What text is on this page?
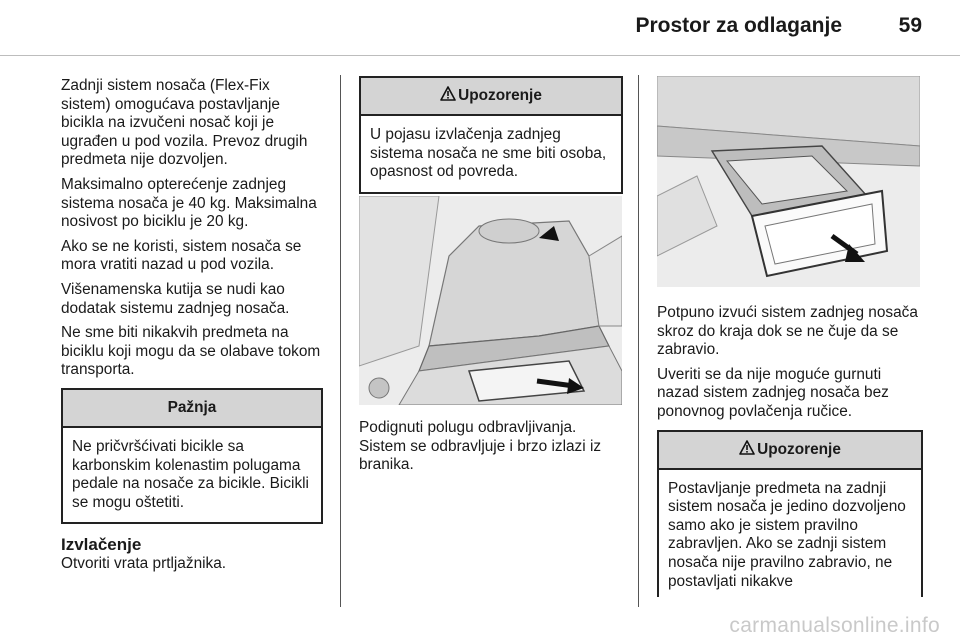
Prostor za odlaganje	59

Zadnji sistem nosača (Flex-Fix sistem) omogućava postavljanje bicikla na izvučeni nosač koji je ugrađen u pod vozila. Prevoz drugih predmeta nije dozvoljen.

Maksimalno opterećenje zadnjeg sistema nosača je 40 kg. Maksimalna nosivost po biciklu je 20 kg.

Ako se ne koristi, sistem nosača se mora vratiti nazad u pod vozila.

Višenamenska kutija se nudi kao dodatak sistemu zadnjeg nosača.

Ne sme biti nikakvih predmeta na biciklu koji mogu da se olabave tokom transporta.

Pažnja
Ne pričvršćivati bicikle sa karbonskim kolenastim polugama pedale na nosače za bicikle. Bicikli se mogu oštetiti.
Izvlačenje
Otvoriti vrata prtljažnika.
Upozorenje
U pojasu izvlačenja zadnjeg sistema nosača ne sme biti osoba, opasnost od povreda.

Podignuti polugu odbravljivanja. Sistem se odbravljuje i brzo izlazi iz branika.

Potpuno izvući sistem zadnjeg nosača skroz do kraja dok se ne čuje da se zabravio.

Uveriti se da nije moguće gurnuti nazad sistem zadnjeg nosača bez ponovnog povlačenja ručice.

Upozorenje
Postavljanje predmeta na zadnji sistem nosača je jedino dozvoljeno samo ako je sistem pravilno zabravljen. Ako se zadnji sistem nosača nije pravilno zabravio, ne postavljati nikakve
carmanualsonline.info
